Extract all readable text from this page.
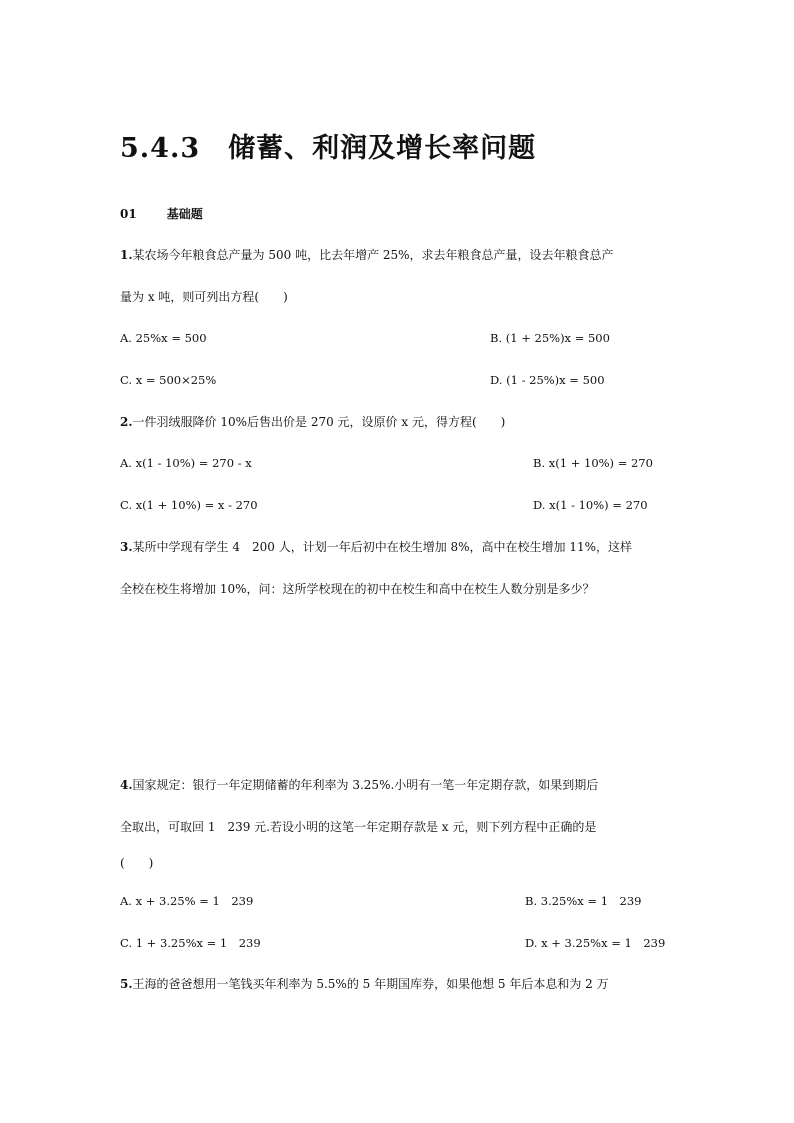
5.4.3 储蓄、利润及增长率问题
01	基础题
1.某农场今年粮食总产量为 500 吨，比去年增产 25%，求去年粮食总产量，设去年粮食总产
量为 x 吨，则可列出方程(　　)
A. 25%x = 500	B. (1 + 25%)x = 500
C. x = 500×25%	D. (1 - 25%)x = 500
2.一件羽绒服降价 10%后售出价是 270 元，设原价 x 元，得方程(　　)
A. x(1 - 10%) = 270 - x	B. x(1 + 10%) = 270
C. x(1 + 10%) = x - 270	D. x(1 - 10%) = 270
3.某所中学现有学生 4　200 人，计划一年后初中在校生增加 8%，高中在校生增加 11%，这样
全校在校生将增加 10%，问：这所学校现在的初中在校生和高中在校生人数分别是多少？
4.国家规定：银行一年定期储蓄的年利率为 3.25%.小明有一笔一年定期存款，如果到期后
全取出，可取回 1　239 元.若设小明的这笔一年定期存款是 x 元，则下列方程中正确的是
(　　)
A. x + 3.25% = 1　239	B. 3.25%x = 1　239
C. 1 + 3.25%x = 1　239	D. x + 3.25%x = 1　239
5.王海的爸爸想用一笔钱买年利率为 5.5%的 5 年期国库券，如果他想 5 年后本息和为 2 万
